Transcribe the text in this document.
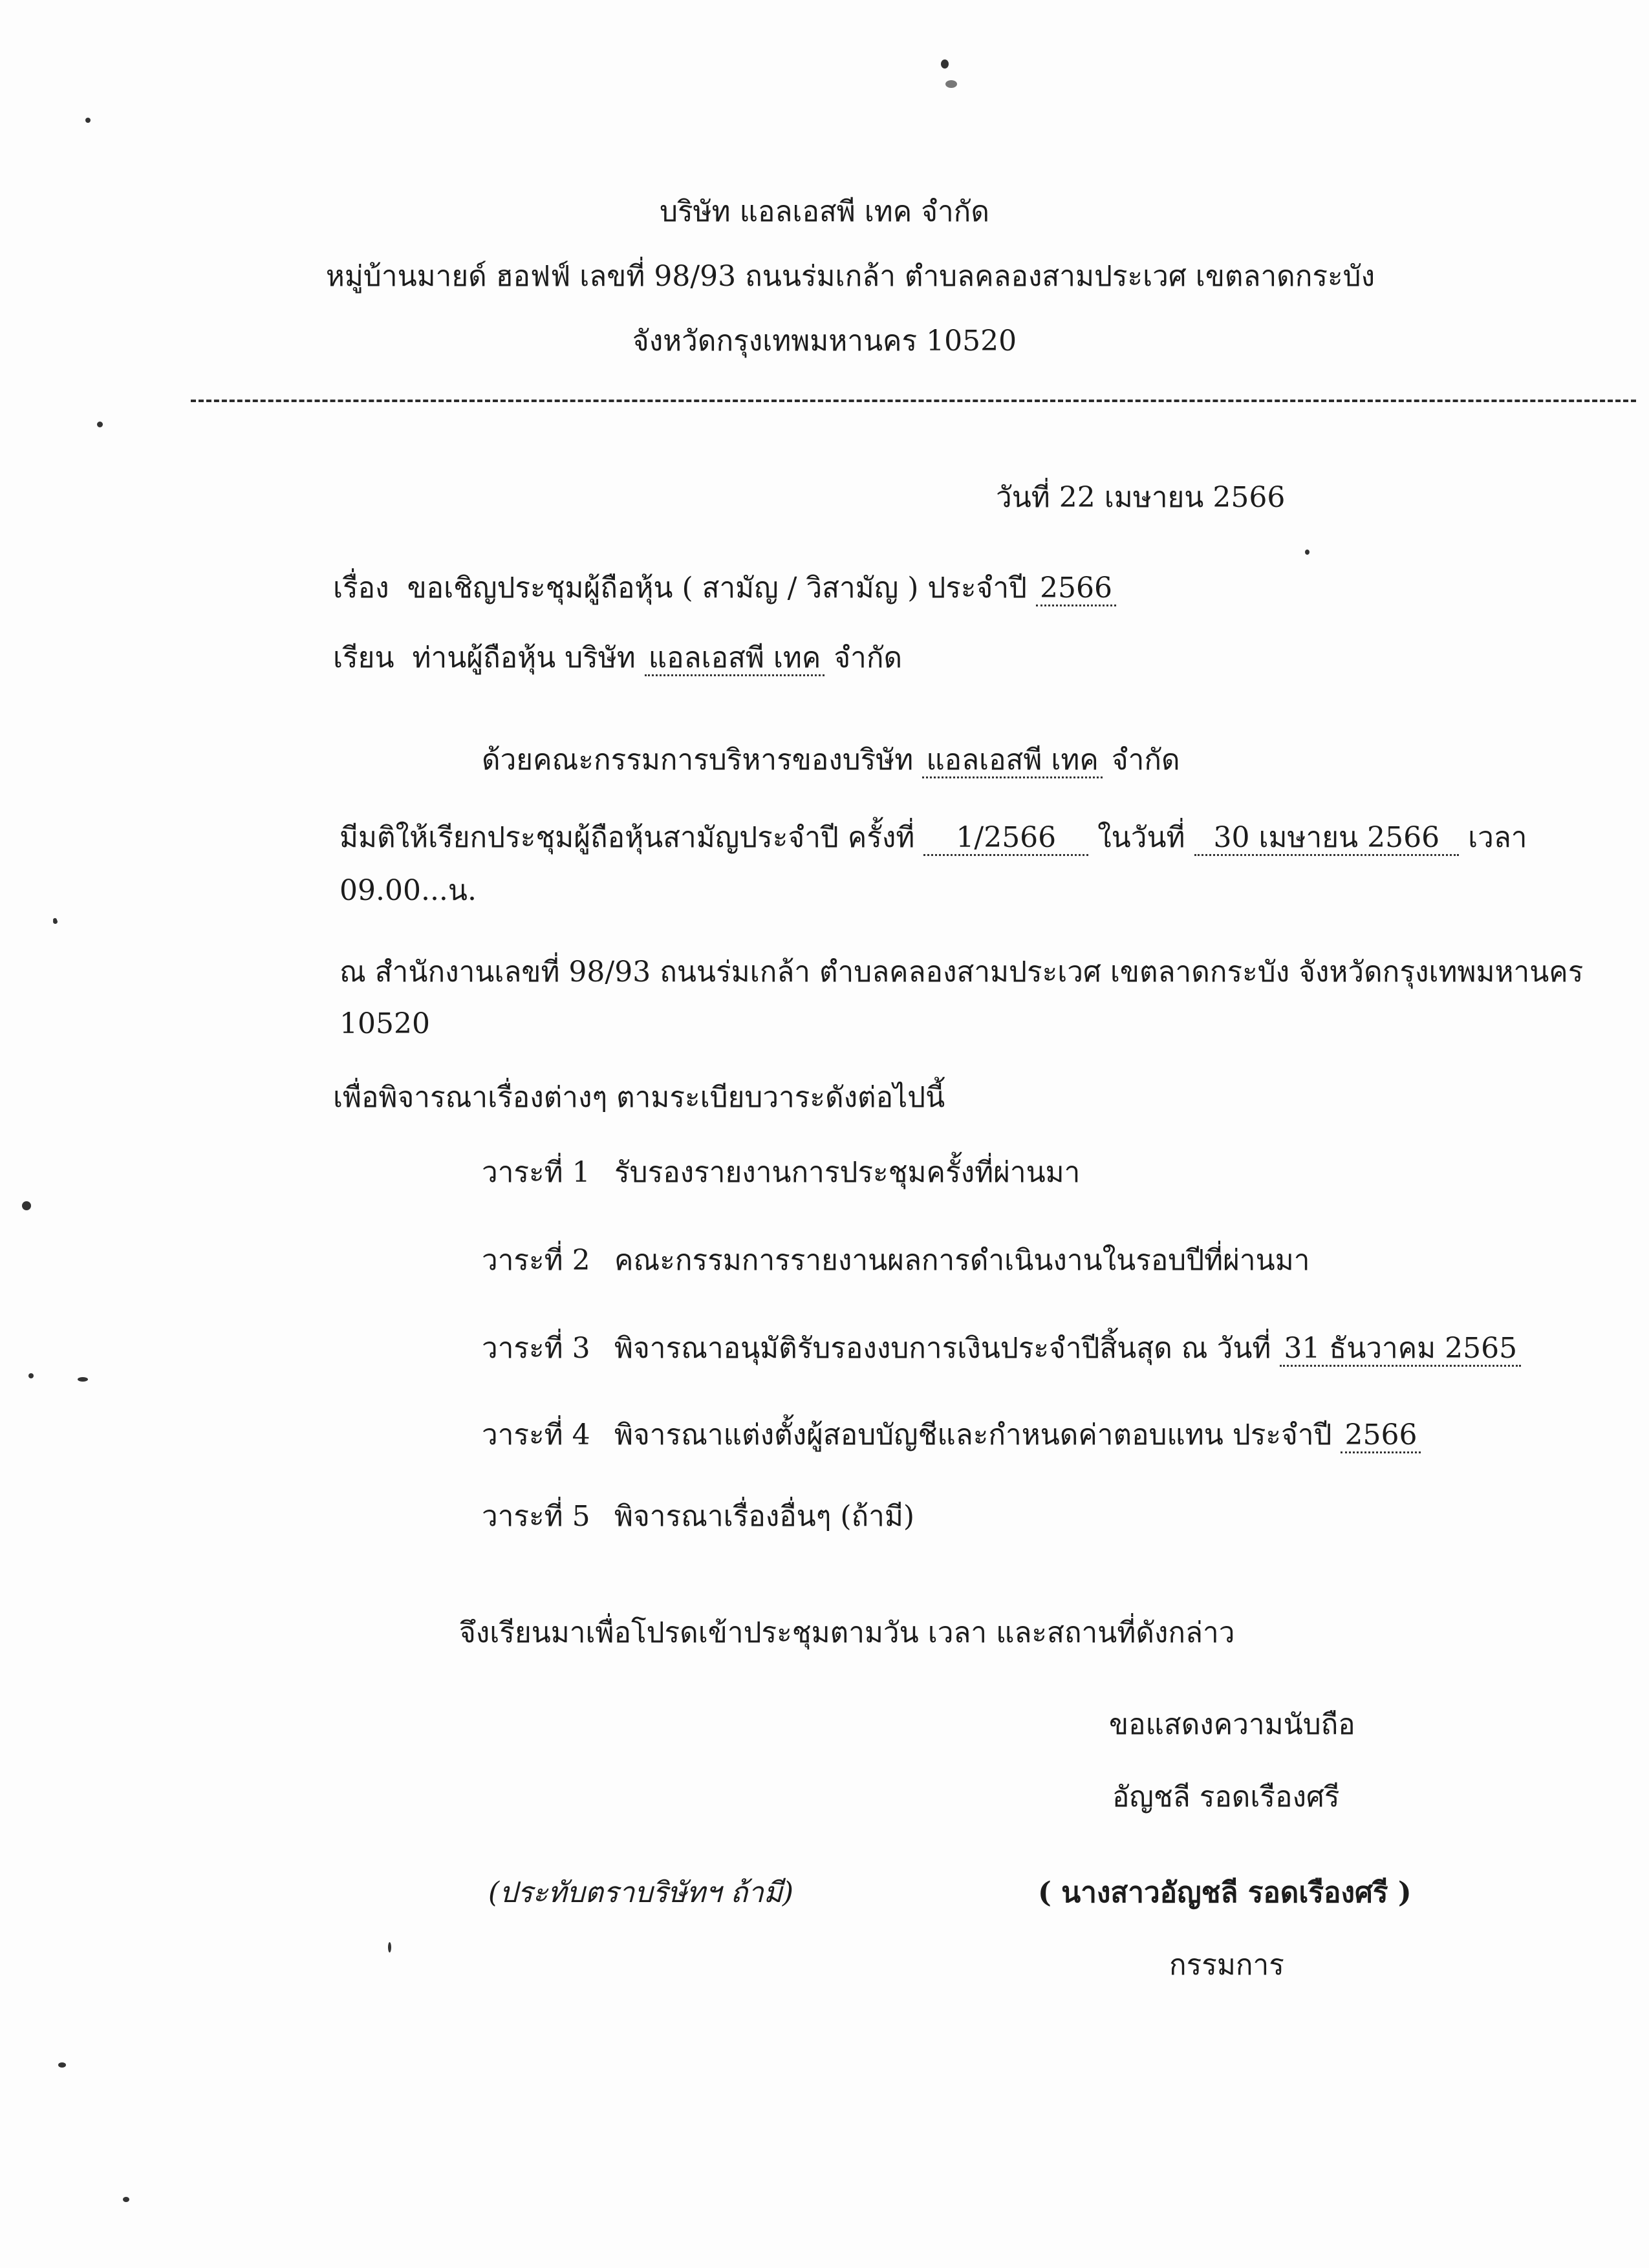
บริษัท แอลเอสพี เทค จำกัด
หมู่บ้านมายด์ ฮอฟฟ์ เลขที่ 98/93 ถนนร่มเกล้า ตำบลคลองสามประเวศ เขตลาดกระบัง
จังหวัดกรุงเทพมหานคร 10520
วันที่ 22 เมษายน 2566
เรื่อง ขอเชิญประชุมผู้ถือหุ้น ( สามัญ / วิสามัญ ) ประจำปี 2566
เรียน ท่านผู้ถือหุ้น บริษัท แอลเอสพี เทค จำกัด
ด้วยคณะกรรมการบริหารของบริษัท แอลเอสพี เทค จำกัด
มีมติให้เรียกประชุมผู้ถือหุ้นสามัญประจำปี ครั้งที่ 1/2566 ในวันที่ 30 เมษายน 2566 เวลา
09.00...น.
ณ สำนักงานเลขที่ 98/93 ถนนร่มเกล้า ตำบลคลองสามประเวศ เขตลาดกระบัง จังหวัดกรุงเทพมหานคร
10520
เพื่อพิจารณาเรื่องต่างๆ ตามระเบียบวาระดังต่อไปนี้
วาระที่ 1 รับรองรายงานการประชุมครั้งที่ผ่านมา
วาระที่ 2 คณะกรรมการรายงานผลการดำเนินงานในรอบปีที่ผ่านมา
วาระที่ 3 พิจารณาอนุมัติรับรองงบการเงินประจำปีสิ้นสุด ณ วันที่ 31 ธันวาคม 2565
วาระที่ 4 พิจารณาแต่งตั้งผู้สอบบัญชีและกำหนดค่าตอบแทน ประจำปี 2566
วาระที่ 5 พิจารณาเรื่องอื่นๆ (ถ้ามี)
จึงเรียนมาเพื่อโปรดเข้าประชุมตามวัน เวลา และสถานที่ดังกล่าว
ขอแสดงความนับถือ
อัญชลี รอดเรืองศรี
(ประทับตราบริษัทฯ ถ้ามี)	( นางสาวอัญชลี รอดเรืองศรี )
กรรมการ
